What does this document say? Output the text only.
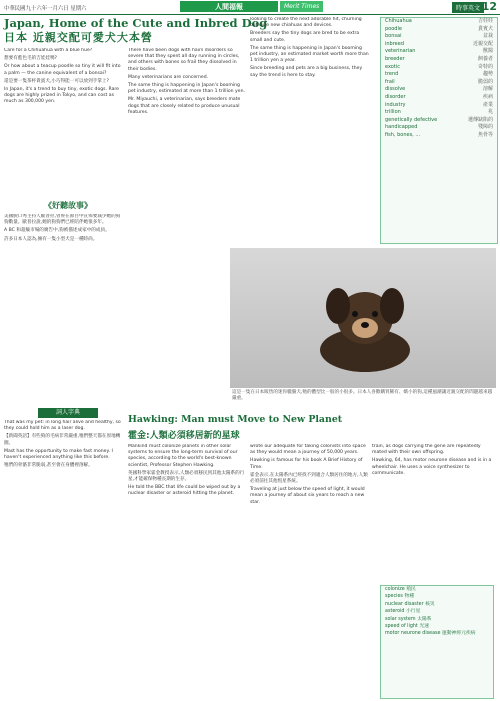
中華民國九十六年一月六日 星期六	人間福報	Merit Times	時事英文 12
Japan, Home of the Cute and Inbred Dog
日本 近親交配可愛犬大本營

Care for a Chihuahua with a blue hue?

想要有藍色毛的吉娃娃嗎?

Or how about a teacup poodle so tiny it will fit into a palm — the canine equivalent of a bonsai?

還是要一隻茶杯貴賓犬,小巧得能一可以放到手掌上?

In Japan, it's a trend to buy tiny, exotic dogs. Rare dogs are highly prized in Tokyo, and can cost as much as 300,000 yen.

There have been dogs with hairs disorders so severe that they spent all day running in circles, and others with bones so frail they dissolved in their bodies.

Many veterinarians are concerned.

The same thing is happening in Japan's booming pet industry, estimated at more than 1 trillion yen.

Mr. Miyauchi, a veterinarian, says breeders mate dogs that are closely related to produce unusual features.

《好聽故事》

美國脫口秀主持人歐普拉,曾經在節目中宣佈要減少她的狗狗數量。歐普拉說,她的狗狗們已經陪伴她很多年。

A BC 和超級市場的廣告中,狗被描述成家中的成員。

許多日本人認為,擁有一隻小型犬是一種時尚。

詞人字典

That was my pet: in long hair alive and healthy, so they could hold him as a laser dog.

【新聞英語】有些狗的毛病非常嚴重,牠們整天都在原地轉圈。

Mast has the opportunity to make fast money. I haven't experienced anything like this before.

牠們的骨骼非常脆弱,甚至會在身體裡溶解。

looking to create the next adorable hit, churning out cute new chiahuas and devices.

Breeders say the tiny dogs are bred to be extra small and cute.

The same thing is happening in Japan's booming pet industry, an estimated market worth more than 1 trillion yen a year.

Since breeding and pets are a big business, they say the trend is here to stay.

Chihuahua	吉娃娃
poodle	貴賓犬
bonsai	盆栽
inbreed	近親交配
veterinarian	獸醫
breeder	飼養者
exotic	奇特的
trend	趨勢
frail	脆弱的
dissolve	溶解
disorder	疾病
industry	產業
trillion	兆
genetically defective	遺傳缺陷的
handicapped	殘障的
fish, bones, ...	魚骨等
這是一隻在日本販售的迷你臘腸犬,牠的體型比一般的小很多。日本人喜歡購買稀有、嬌小的狗,這種風潮讓近親交配的問題越來越嚴重。
Hawking: Man must Move to New Planet
霍金:人類必須移居新的星球

Mankind must colonize planets in other solar systems to ensure the long-term survival of our species, according to the world's best-known scientist, Professor Stephen Hawking.

英國科學家霍金教授表示,人類必須移民到其他太陽系的行星,才能確保物種長期的生存。

He told the BBC that life could be wiped out by a nuclear disaster or asteroid hitting the planet.

wrote our adequate for taking colonists into space as they would mean a journey of 50,000 years.

Hawking is famous for his book A Brief History of Time.

霍金表示,在太陽系內已經找不到適合人類居住的地方,人類必須前往其他恆星系統。

Traveling at just below the speed of light, it would mean a journey of about six years to reach a new star.

train, as dogs carrying the gene are repeatedly mated with their own offspring.

Hawking, 64, has motor neurone disease and is in a wheelchair. He uses a voice synthesizer to communicate.

colonize 殖民
species 物種
nuclear disaster 核災
asteroid 小行星
solar system 太陽系
speed of light 光速
motor neurone disease 運動神經元疾病
